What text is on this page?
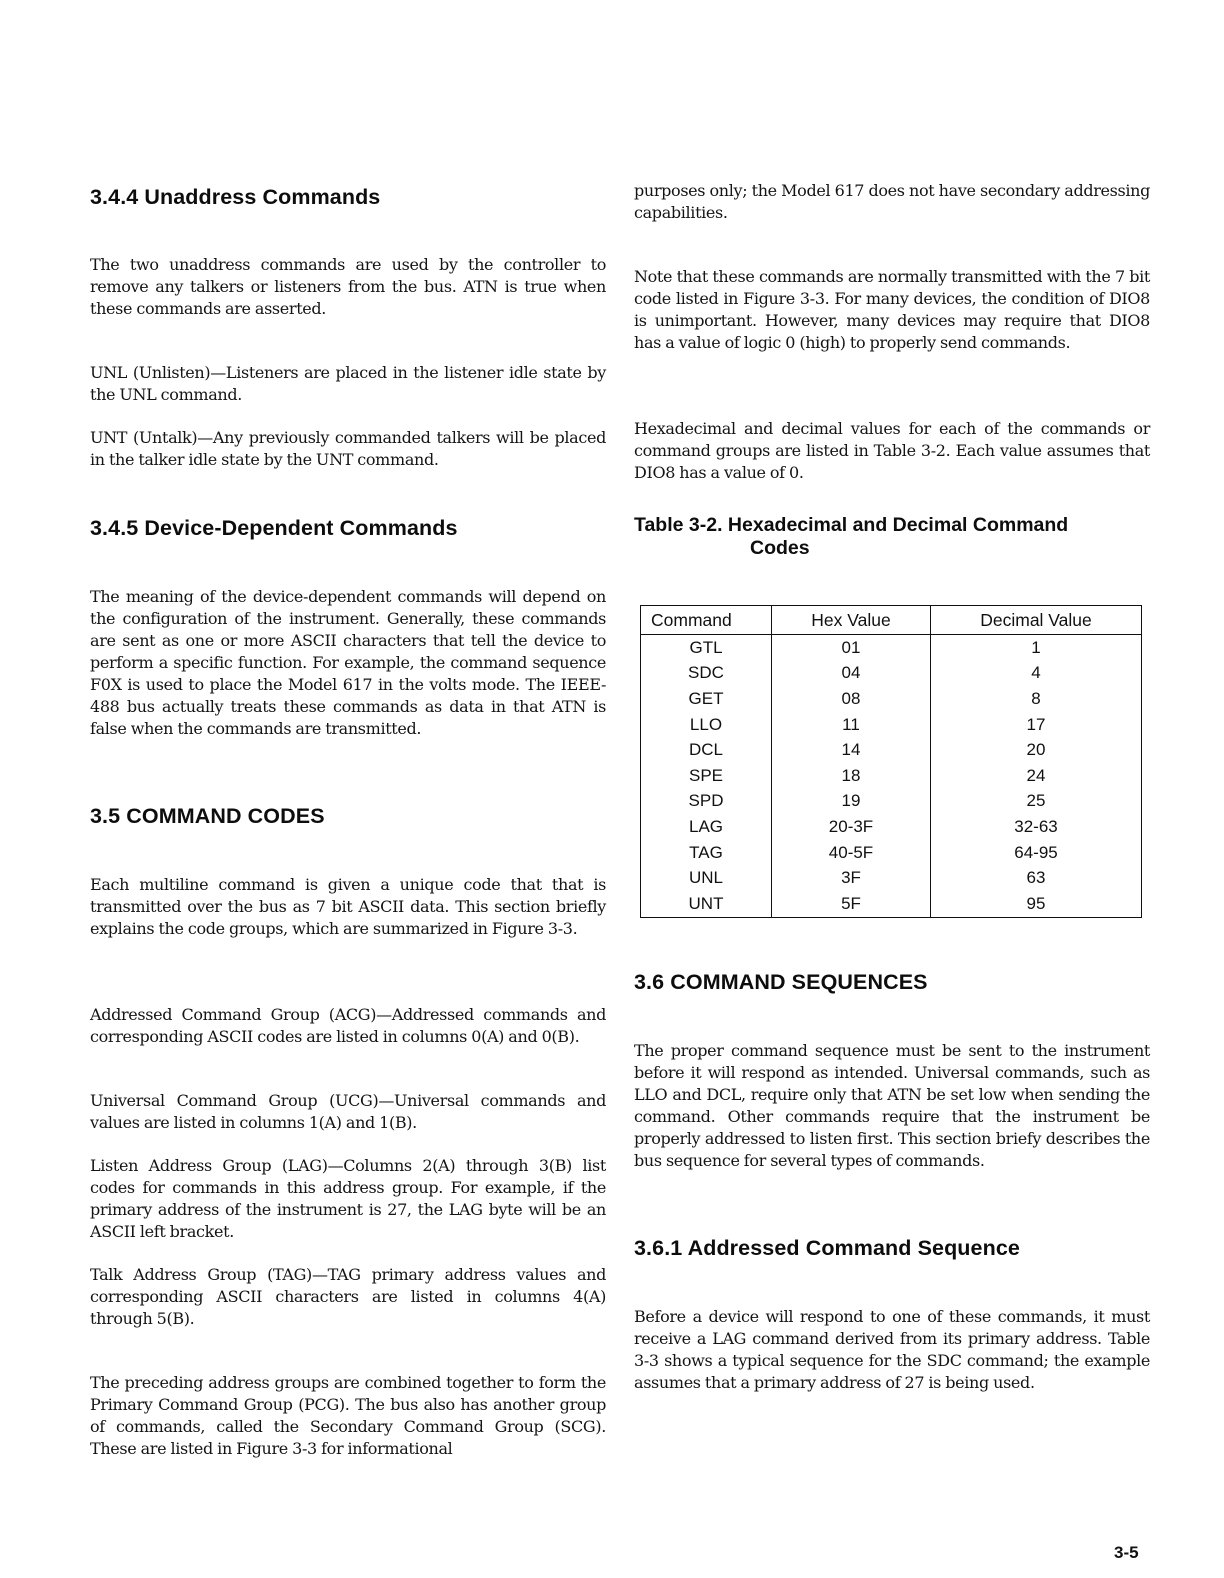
3.4.4 Unaddress Commands

The two unaddress commands are used by the controller to remove any talkers or listeners from the bus. ATN is true when these commands are asserted.

UNL (Unlisten)—Listeners are placed in the listener idle state by the UNL command.

UNT (Untalk)—Any previously commanded talkers will be placed in the talker idle state by the UNT command.

3.4.5 Device-Dependent Commands

The meaning of the device-dependent commands will depend on the configuration of the instrument. Generally, these commands are sent as one or more ASCII characters that tell the device to perform a specific function. For example, the command sequence F0X is used to place the Model 617 in the volts mode. The IEEE-488 bus actually treats these commands as data in that ATN is false when the commands are transmitted.

3.5 COMMAND CODES

Each multiline command is given a unique code that that is transmitted over the bus as 7 bit ASCII data. This section briefly explains the code groups, which are summarized in Figure 3-3.

Addressed Command Group (ACG)—Addressed commands and corresponding ASCII codes are listed in columns 0(A) and 0(B).

Universal Command Group (UCG)—Universal commands and values are listed in columns 1(A) and 1(B).

Listen Address Group (LAG)—Columns 2(A) through 3(B) list codes for commands in this address group. For example, if the primary address of the instrument is 27, the LAG byte will be an ASCII left bracket.

Talk Address Group (TAG)—TAG primary address values and corresponding ASCII characters are listed in columns 4(A) through 5(B).

The preceding address groups are combined together to form the Primary Command Group (PCG). The bus also has another group of commands, called the Secondary Command Group (SCG). These are listed in Figure 3-3 for informational

purposes only; the Model 617 does not have secondary addressing capabilities.

Note that these commands are normally transmitted with the 7 bit code listed in Figure 3-3. For many devices, the condition of DIO8 is unimportant. However, many devices may require that DIO8 has a value of logic 0 (high) to properly send commands.

Hexadecimal and decimal values for each of the commands or command groups are listed in Table 3-2. Each value assumes that DIO8 has a value of 0.

Table 3-2. Hexadecimal and Decimal Command
Codes
3.6 COMMAND SEQUENCES

The proper command sequence must be sent to the instrument before it will respond as intended. Universal commands, such as LLO and DCL, require only that ATN be set low when sending the command. Other commands require that the instrument be properly addressed to listen first. This section briefy describes the bus sequence for several types of commands.

3.6.1 Addressed Command Sequence

Before a device will respond to one of these commands, it must receive a LAG command derived from its primary address. Table 3-3 shows a typical sequence for the SDC command; the example assumes that a primary address of 27 is being used.

Command	Hex Value	Decimal Value
GTL	01	1
SDC	04	4
GET	08	8
LLO	11	17
DCL	14	20
SPE	18	24
SPD	19	25
LAG	20-3F	32-63
TAG	40-5F	64-95
UNL	3F	63
UNT	5F	95

3-5
